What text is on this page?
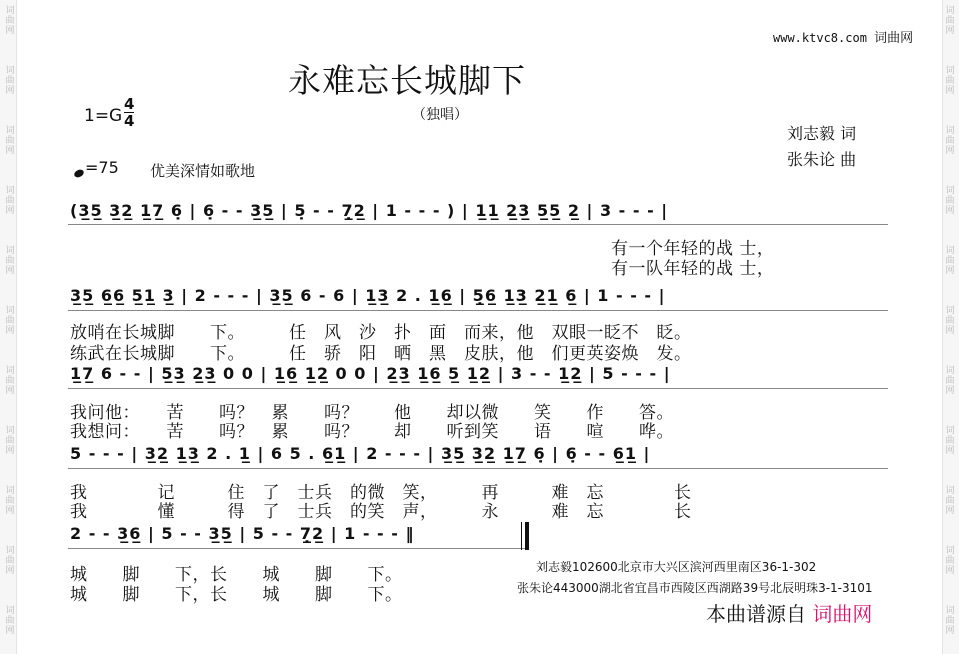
词
曲
网
词
曲
网
词
曲
网
词
曲
网
词
曲
网
词
曲
网
词
曲
网
词
曲
网
词
曲
网
词
曲
网
词
曲
网
词
曲
网
词
曲
网
词
曲
网
词
曲
网
词
曲
网
词
曲
网
词
曲
网
词
曲
网
词
曲
网
词
曲
网
词
曲
网
www.ktvc8.com 词曲网
永难忘长城脚下
（独唱）
1=G
4
4
=75 优美深情如歌地
刘志毅 词
张朱论 曲
(3̲5̲ 3̲2̲ 1̲7̲ 6̣ | 6̣ - - 3̲5̲ | 5̣ - - 7̣̲2̲ | 1 - - - ) | 1̲1̲ 2̲3̲ 5̲5̲ 2̲ | 3 - - - |
有一个年轻的战 士，
有一队年轻的战 士，
3̲5̲ 6̲6̲ 5̲1̲ 3̲ | 2 - - - | 3̲5̲ 6 - 6 | 1̲3̲ 2 . 1̲6̲ | 5̣̲6̲ 1̲3̲ 2̲1̲ 6̲ | 1 - - - |
放哨在长城脚　　下。　　　任　风　沙　扑　面　而来，他　双眼一眨不　眨。
练武在长城脚　　下。　　　任　骄　阳　晒　黑　皮肤，他　们更英姿焕　发。
1̲7̲ 6 - - | 5̲3̲ 2̲3̲ 0 0 | 1̲6̲ 1̲2̲ 0 0 | 2̲3̲ 1̲6̲ 5̲ 1̲2̲ | 3 - - 1̲2̲ | 5 - - - |
我问他：　　苦　　吗？　累　　吗？　　他　　却以微　　笑　　作　　答。
我想问：　　苦　　吗？　累　　吗？　　却　　听到笑　　语　　喧　　哗。
5 - - - | 3̲2̲ 1̲3̲ 2 . 1̲ | 6 5 . 6̲1̲ | 2 - - - | 3̲5̲ 3̲2̲ 1̲7̲ 6̣ | 6̣ - - 6̲1̲ |
我　　　　记　　　住　了　士兵　的微　笑，　　　再　　　难　忘　　　　长
我　　　　懂　　　得　了　士兵　的笑　声，　　　永　　　难　忘　　　　长
2 - - 3̲6̲ | 5 - - 3̲5̲ | 5 - - 7̣̲2̲ | 1 - - - ‖
城　　脚　　下，长　　城　　脚　　下。
城　　脚　　下，长　　城　　脚　　下。
刘志毅102600北京市大兴区滨河西里南区36-1-302
张朱论443000湖北省宜昌市西陵区西湖路39号北辰明珠3-1-3101
本曲谱源自 词曲网
